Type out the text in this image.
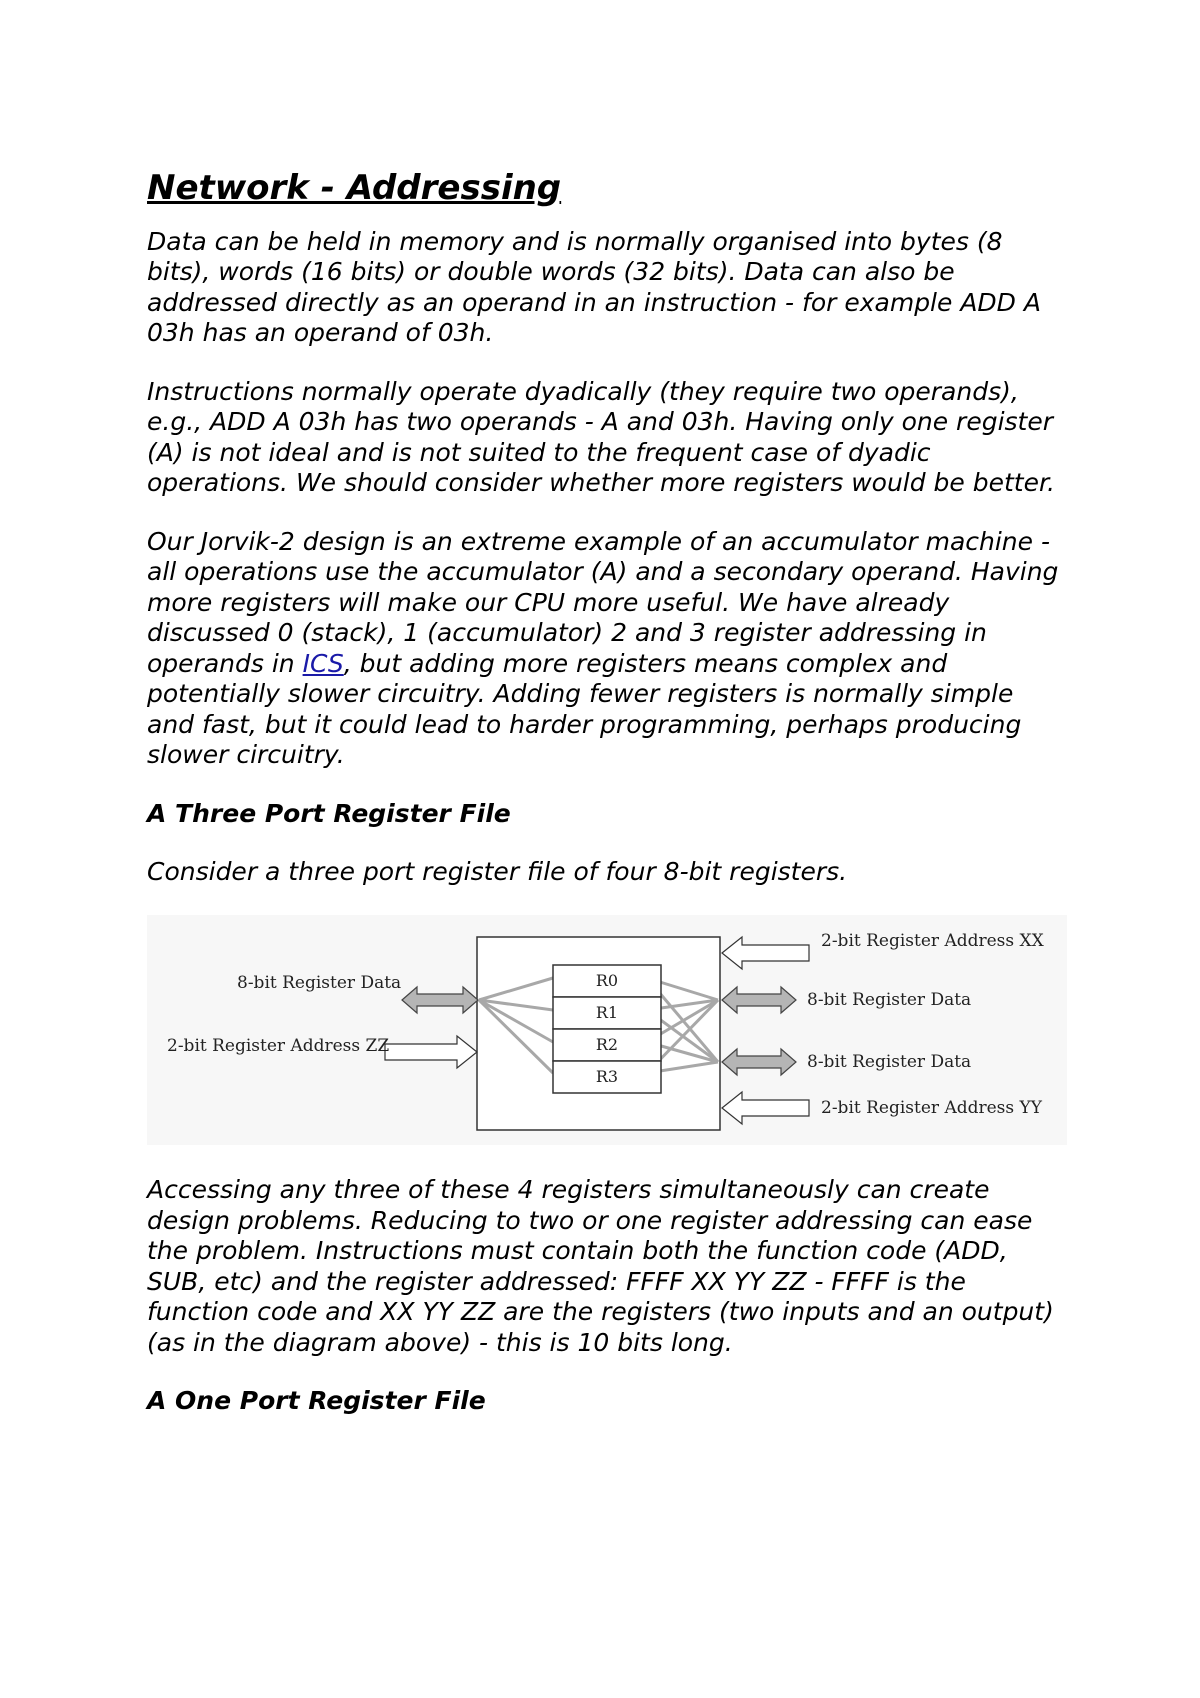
Network - Addressing

Data can be held in memory and is normally organised into bytes (8 bits), words (16 bits) or double words (32 bits). Data can also be addressed directly as an operand in an instruction - for example ADD A 03h has an operand of 03h.

Instructions normally operate dyadically (they require two operands), e.g., ADD A 03h has two operands - A and 03h. Having only one register (A) is not ideal and is not suited to the frequent case of dyadic operations. We should consider whether more registers would be better.

Our Jorvik-2 design is an extreme example of an accumulator machine - all operations use the accumulator (A) and a secondary operand. Having more registers will make our CPU more useful. We have already discussed 0 (stack), 1 (accumulator) 2 and 3 register addressing in operands in ICS, but adding more registers means complex and potentially slower circuitry. Adding fewer registers is normally simple and fast, but it could lead to harder programming, perhaps producing slower circuitry.

A Three Port Register File

Consider a three port register file of four 8-bit registers.

R0
R1
R2
R3
8-bit Register Data
2-bit Register Address ZZ
2-bit Register Address XX
8-bit Register Data
8-bit Register Data
2-bit Register Address YY

Accessing any three of these 4 registers simultaneously can create design problems. Reducing to two or one register addressing can ease the problem. Instructions must contain both the function code (ADD, SUB, etc) and the register addressed: FFFF XX YY ZZ - FFFF is the function code and XX YY ZZ are the registers (two inputs and an output) (as in the diagram above) - this is 10 bits long.

A One Port Register File
